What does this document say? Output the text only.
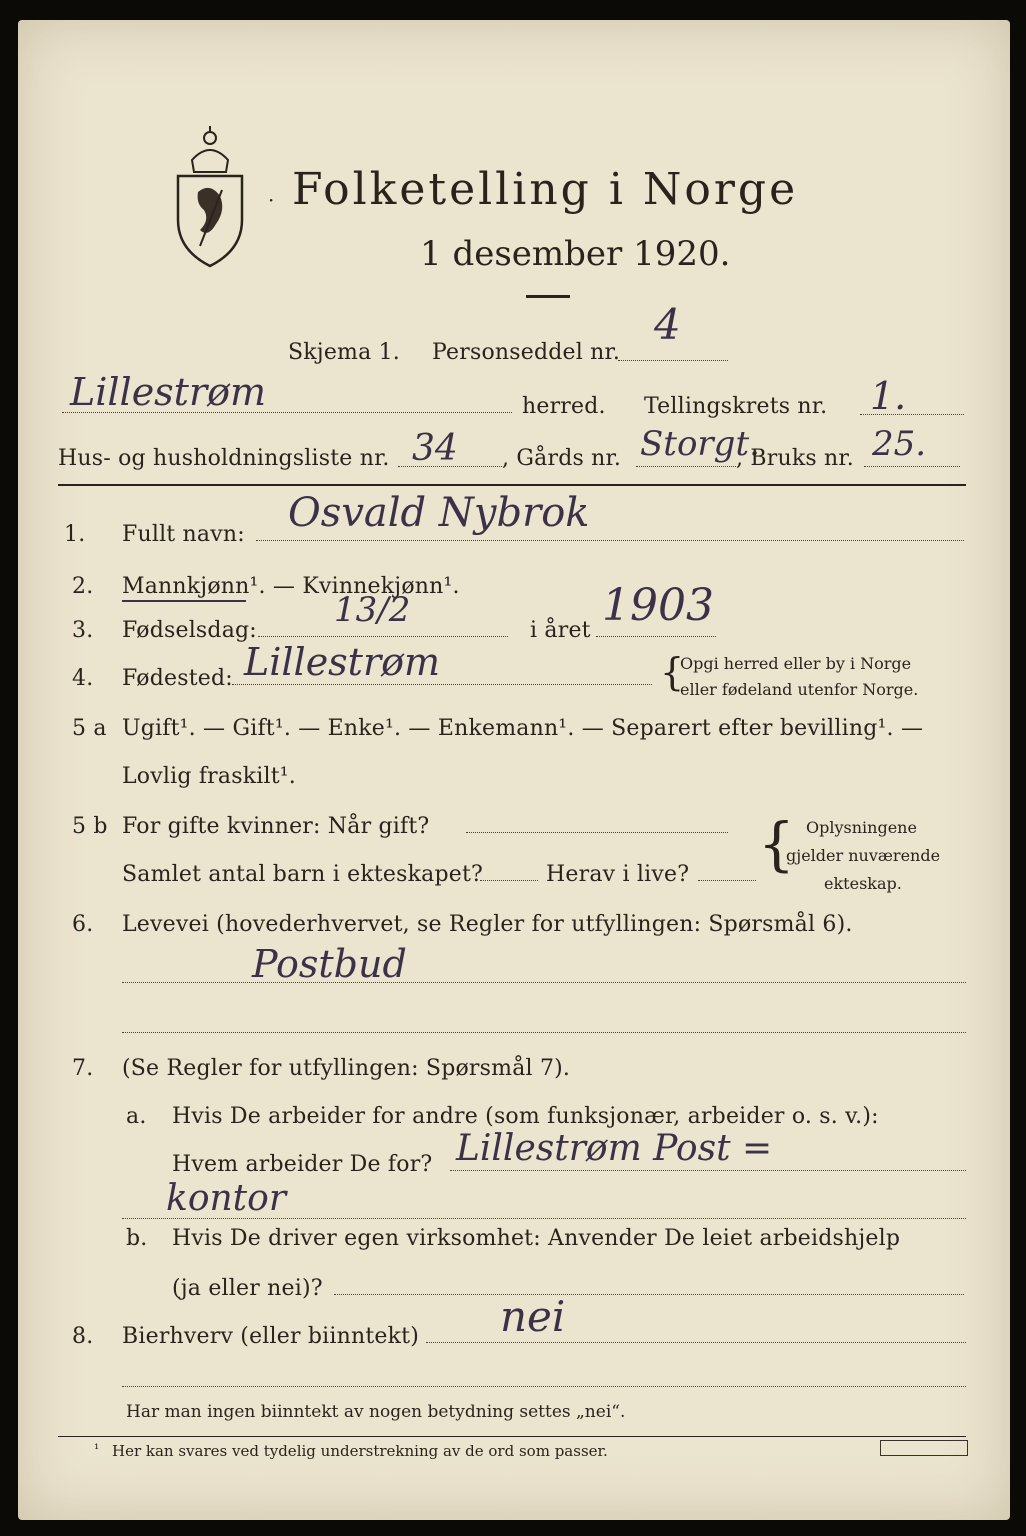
· Folketelling i Norge
1 desember 1920.
Skjema 1. Personseddel nr.
4
Lillestrøm	herred. Tellingskrets nr. 1.
Hus- og husholdningsliste nr. 34 , Gårds nr. Storgt.
, Bruks nr. 25.
1. Fullt navn: Osvald Nybrok
2. Mannkjønn¹. — Kvinnekjønn¹.
3. Fødselsdag:
13/2
i året 1903
4. Fødested: Lillestrøm	{
Opgi herred eller by i Norge
eller fødeland utenfor Norge.
5 a Ugift¹. — Gift¹. — Enke¹. — Enkemann¹. — Separert efter bevilling¹. —
Lovlig fraskilt¹.
5 b For gifte kvinner: Når gift?
Samlet antal barn i ekteskapet?	Herav i live? { Oplysningene
gjelder nuværende
ekteskap.
6. Levevei (hovederhvervet, se Regler for utfyllingen: Spørsmål 6).
Postbud
7. (Se Regler for utfyllingen: Spørsmål 7).
a. Hvis De arbeider for andre (som funksjonær, arbeider o. s. v.):
Hvem arbeider De for? Lillestrøm Post =
kontor
b. Hvis De driver egen virksomhet: Anvender De leiet arbeidshjelp
(ja eller nei)?
8. Bierhverv (eller biinntekt) nei
Har man ingen biinntekt av nogen betydning settes „nei“.
¹ Her kan svares ved tydelig understrekning av de ord som passer.
